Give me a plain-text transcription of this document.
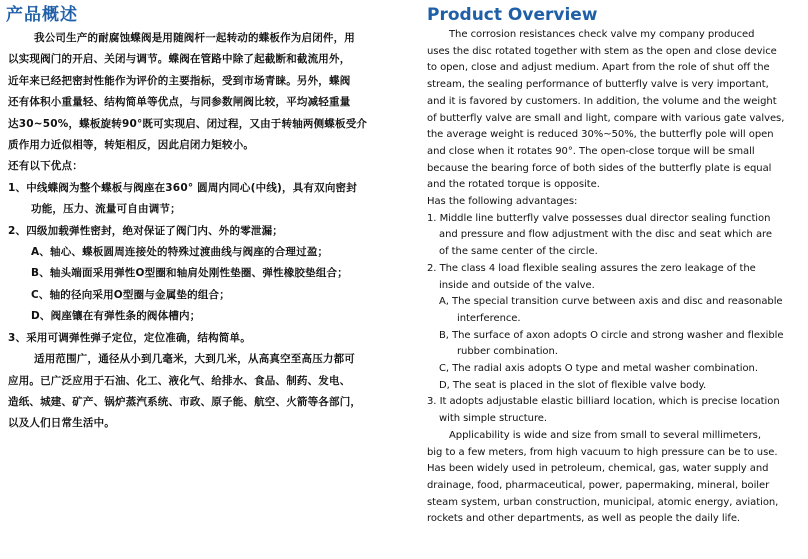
产品概述

我公司生产的耐腐蚀蝶阀是用随阀杆一起转动的蝶板作为启闭件，用

以实现阀门的开启、关闭与调节。蝶阀在管路中除了起截断和截流用外，

近年来已经把密封性能作为评价的主要指标，受到市场青睐。另外，蝶阀

还有体积小重量轻、结构简单等优点，与同参数闸阀比较，平均减轻重量

达30~50%，蝶板旋转90°既可实现启、闭过程，又由于转轴两侧蝶板受介

质作用力近似相等，转矩相反，因此启闭力矩较小。

还有以下优点：

1、中线蝶阀为整个蝶板与阀座在360° 圆周内同心(中线)，具有双向密封

功能，压力、流量可自由调节；

2、四级加载弹性密封，绝对保证了阀门内、外的零泄漏；

A、轴心、蝶板圆周连接处的特殊过渡曲线与阀座的合理过盈；

B、轴头端面采用弹性O型圈和轴肩处刚性垫圈、弹性橡胶垫组合；

C、轴的径向采用O型圈与金属垫的组合；

D、阀座镶在有弹性条的阀体槽内；

3、采用可调弹性弹子定位，定位准确，结构简单。

适用范围广，通径从小到几毫米，大到几米，从高真空至高压力都可

应用。已广泛应用于石油、化工、液化气、给排水、食品、制药、发电、

造纸、城建、矿产、锅炉蒸汽系统、市政、原子能、航空、火箭等各部门，

以及人们日常生活中。

Product Overview

The corrosion resistances check valve my company produced

uses the disc rotated together with stem as the open and close device

to open, close and adjust medium. Apart from the role of shut off the

stream, the sealing performance of butterfly valve is very important,

and it is favored by customers. In addition, the volume and the weight

of butterfly valve are small and light, compare with various gate valves,

the average weight is reduced 30%~50%, the butterfly pole will open

and close when it rotates 90°. The open-close torque will be small

because the bearing force of both sides of the butterfly plate is equal

and the rotated torque is opposite.

Has the following advantages:

1. Middle line butterfly valve possesses dual director sealing function

and pressure and flow adjustment with the disc and seat which are

of the same center of the circle.

2. The class 4 load flexible sealing assures the zero leakage of the

inside and outside of the valve.

A, The special transition curve between axis and disc and reasonable

interference.

B, The surface of axon adopts O circle and strong washer and flexible

rubber combination.

C, The radial axis adopts O type and metal washer combination.

D, The seat is placed in the slot of flexible valve body.

3. It adopts adjustable elastic billiard location, which is precise location

with simple structure.

Applicability is wide and size from small to several millimeters,

big to a few meters, from high vacuum to high pressure can be to use.

Has been widely used in petroleum, chemical, gas, water supply and

drainage, food, pharmaceutical, power, papermaking, mineral, boiler

steam system, urban construction, municipal, atomic energy, aviation,

rockets and other departments, as well as people the daily life.
